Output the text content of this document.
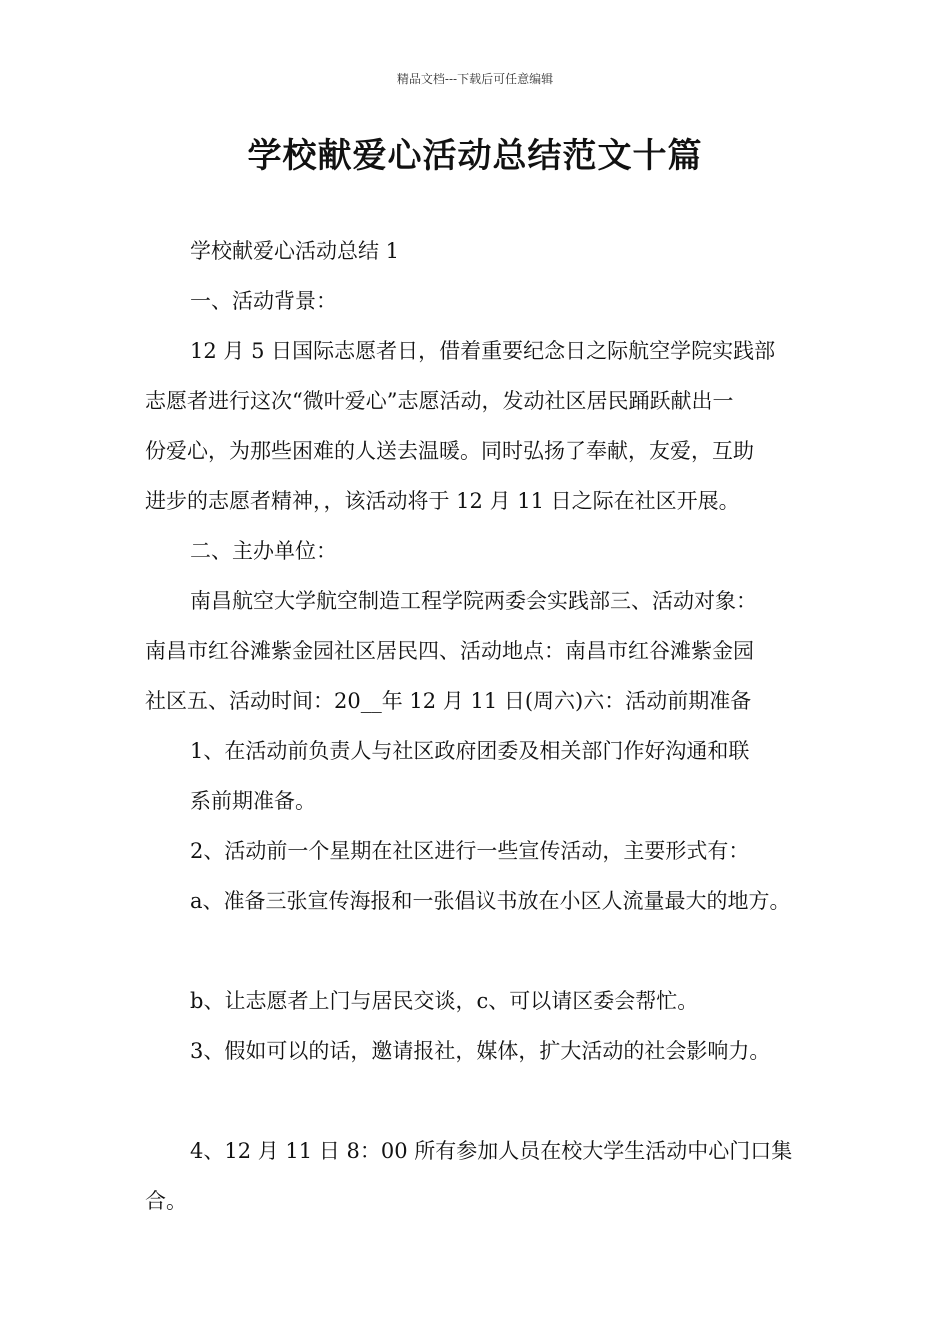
精品文档---下载后可任意编辑
学校献爱心活动总结范文十篇
学校献爱心活动总结 1
一、活动背景：
12 月 5 日国际志愿者日，借着重要纪念日之际航空学院实践部
志愿者进行这次“微叶爱心”志愿活动，发动社区居民踊跃献出一
份爱心，为那些困难的人送去温暖。同时弘扬了奉献，友爱，互助
进步的志愿者精神，，该活动将于 12 月 11 日之际在社区开展。
二、主办单位：
南昌航空大学航空制造工程学院两委会实践部三、活动对象：
南昌市红谷滩紫金园社区居民四、活动地点：南昌市红谷滩紫金园
社区五、活动时间：20__年 12 月 11 日(周六)六：活动前期准备
1、在活动前负责人与社区政府团委及相关部门作好沟通和联
系前期准备。
2、活动前一个星期在社区进行一些宣传活动，主要形式有：
a、准备三张宣传海报和一张倡议书放在小区人流量最大的地方。
b、让志愿者上门与居民交谈，c、可以请区委会帮忙。
3、假如可以的话，邀请报社，媒体，扩大活动的社会影响力。
4、12 月 11 日 8：00 所有参加人员在校大学生活动中心门口集
合。
